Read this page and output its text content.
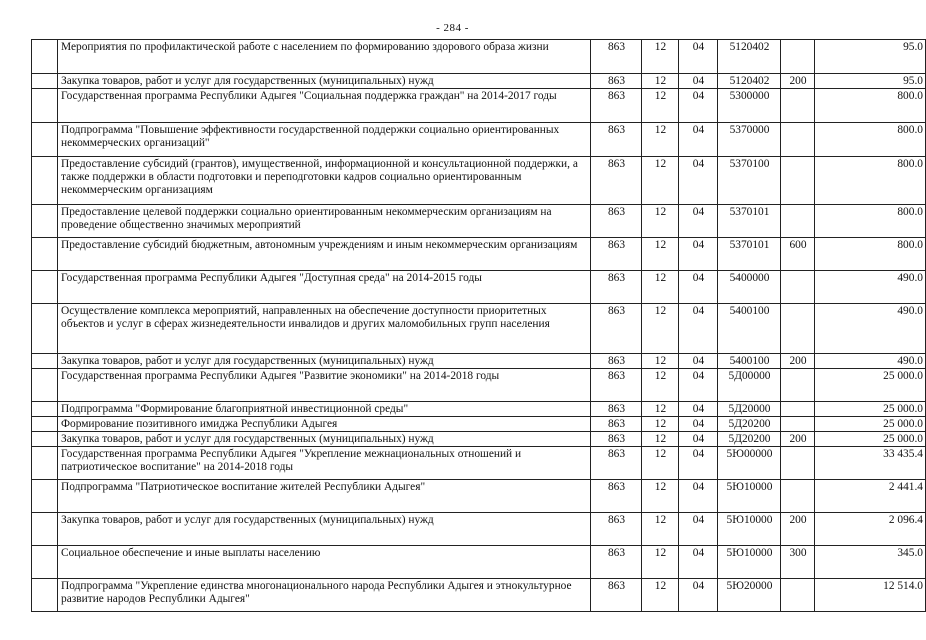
- 284 -
	Мероприятия по профилактической работе с населением по формированию здорового образа жизни	863	12	04	5120402		95.0
	Закупка товаров, работ и услуг для государственных (муниципальных) нужд	863	12	04	5120402	200	95.0
	Государственная программа Республики Адыгея "Социальная поддержка граждан" на 2014-2017 годы	863	12	04	5300000		800.0
	Подпрограмма "Повышение эффективности государственной поддержки социально ориентированных некоммерческих организаций"	863	12	04	5370000		800.0
	Предоставление субсидий (грантов), имущественной, информационной и консультационной поддержки, а также поддержки в области подготовки и переподготовки кадров социально ориентированным некоммерческим организациям	863	12	04	5370100		800.0
	Предоставление целевой поддержки социально ориентированным некоммерческим организациям на проведение общественно значимых мероприятий	863	12	04	5370101		800.0
	Предоставление субсидий бюджетным, автономным учреждениям и иным некоммерческим организациям	863	12	04	5370101	600	800.0
	Государственная программа Республики Адыгея "Доступная среда" на 2014-2015 годы	863	12	04	5400000		490.0
	Осуществление комплекса мероприятий, направленных на обеспечение доступности приоритетных объектов и услуг в сферах жизнедеятельности инвалидов и других маломобильных групп населения	863	12	04	5400100		490.0
	Закупка товаров, работ и услуг для государственных (муниципальных) нужд	863	12	04	5400100	200	490.0
	Государственная программа Республики Адыгея "Развитие экономики" на 2014-2018 годы	863	12	04	5Д00000		25 000.0
	Подпрограмма "Формирование благоприятной инвестиционной среды"	863	12	04	5Д20000		25 000.0
	Формирование позитивного имиджа Республики Адыгея	863	12	04	5Д20200		25 000.0
	Закупка товаров, работ и услуг для государственных (муниципальных) нужд	863	12	04	5Д20200	200	25 000.0
	Государственная программа Республики Адыгея "Укрепление межнациональных отношений и патриотическое воспитание" на 2014-2018 годы	863	12	04	5Ю00000		33 435.4
	Подпрограмма "Патриотическое воспитание жителей Республики Адыгея"	863	12	04	5Ю10000		2 441.4
	Закупка товаров, работ и услуг для государственных (муниципальных) нужд	863	12	04	5Ю10000	200	2 096.4
	Социальное обеспечение и иные выплаты населению	863	12	04	5Ю10000	300	345.0
	Подпрограмма "Укрепление единства многонационального народа Республики Адыгея и этнокультурное развитие народов Республики Адыгея"	863	12	04	5Ю20000		12 514.0
